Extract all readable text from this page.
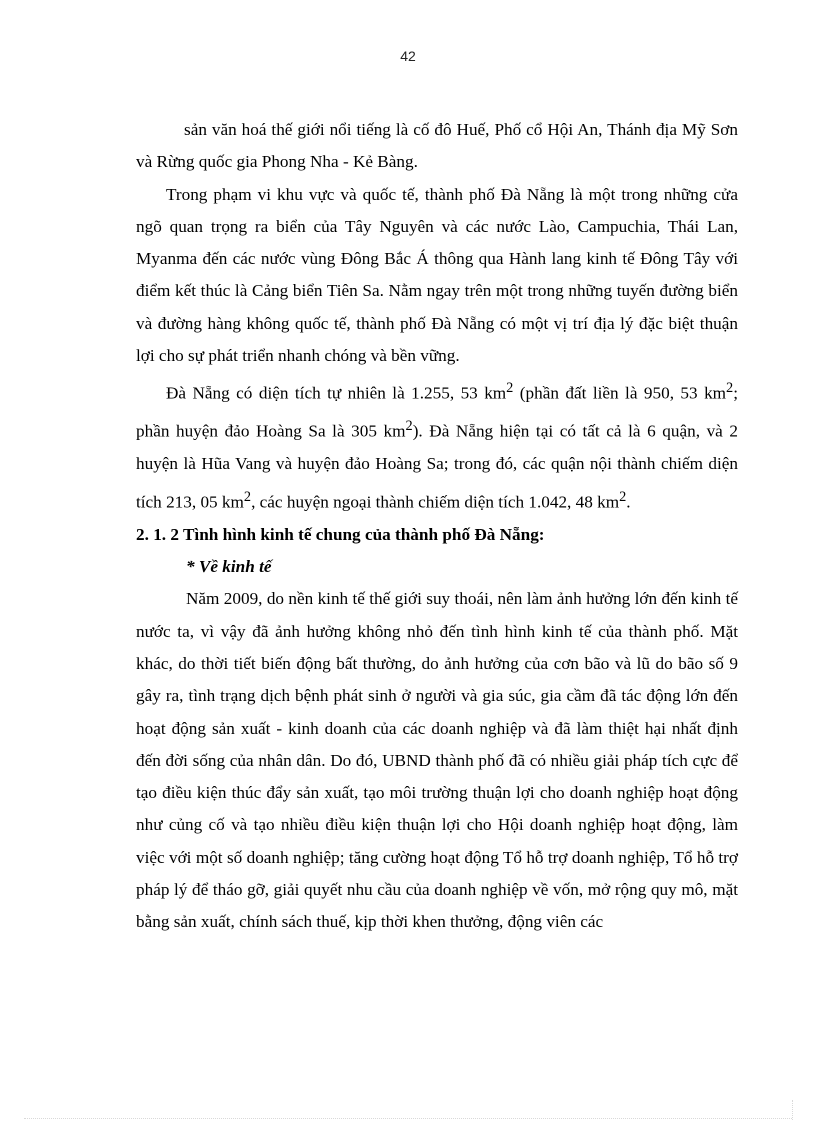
42

sản văn hoá thế giới nổi tiếng là cố đô Huế, Phố cổ Hội An, Thánh địa Mỹ Sơn và Rừng quốc gia Phong Nha - Kẻ Bàng.

Trong phạm vi khu vực và quốc tế, thành phố Đà Nẵng là một trong những cửa ngõ quan trọng ra biển của Tây Nguyên và các nước Lào, Campuchia, Thái Lan, Myanma đến các nước vùng Đông Bắc Á thông qua Hành lang kinh tế Đông Tây với điểm kết thúc là Cảng biển Tiên Sa. Nằm ngay trên một trong những tuyến đường biển và đường hàng không quốc tế, thành phố Đà Nẵng có một vị trí địa lý đặc biệt thuận lợi cho sự phát triển nhanh chóng và bền vững.

Đà Nẵng có diện tích tự nhiên là 1.255, 53 $km^2$ (phần đất liền là 950, 53 $km^2$; phần huyện đảo Hoàng Sa là 305 $km^2$). Đà Nẵng hiện tại có tất cả là 6 quận, và 2 huyện là Hũa Vang và huyện đảo Hoàng Sa; trong đó, các quận nội thành chiếm diện tích 213, 05 $km^2$, các huyện ngoại thành chiếm diện tích 1.042, 48 $km^2$.

2. 1. 2 Tình hình kinh tế chung của thành phố Đà Nẵng:

* Về kinh tế

Năm 2009, do nền kinh tế thế giới suy thoái, nên làm ảnh hưởng lớn đến kinh tế nước ta, vì vậy đã ảnh hưởng không nhỏ đến tình hình kinh tế của thành phố. Mặt khác, do thời tiết biến động bất thường, do ảnh hưởng của cơn bão và lũ do bão số 9 gây ra, tình trạng dịch bệnh phát sinh ở người và gia súc, gia cầm đã tác động lớn đến hoạt động sản xuất - kinh doanh của các doanh nghiệp và đã làm thiệt hại nhất định đến đời sống của nhân dân. Do đó, UBND thành phố đã có nhiều giải pháp tích cực để tạo điều kiện thúc đẩy sản xuất, tạo môi trường thuận lợi cho doanh nghiệp hoạt động như củng cố và tạo nhiều điều kiện thuận lợi cho Hội doanh nghiệp hoạt động, làm việc với một số doanh nghiệp; tăng cường hoạt động Tổ hỗ trợ doanh nghiệp, Tổ hỗ trợ pháp lý để tháo gỡ, giải quyết nhu cầu của doanh nghiệp về vốn, mở rộng quy mô, mặt bằng sản xuất, chính sách thuế, kịp thời khen thưởng, động viên các
